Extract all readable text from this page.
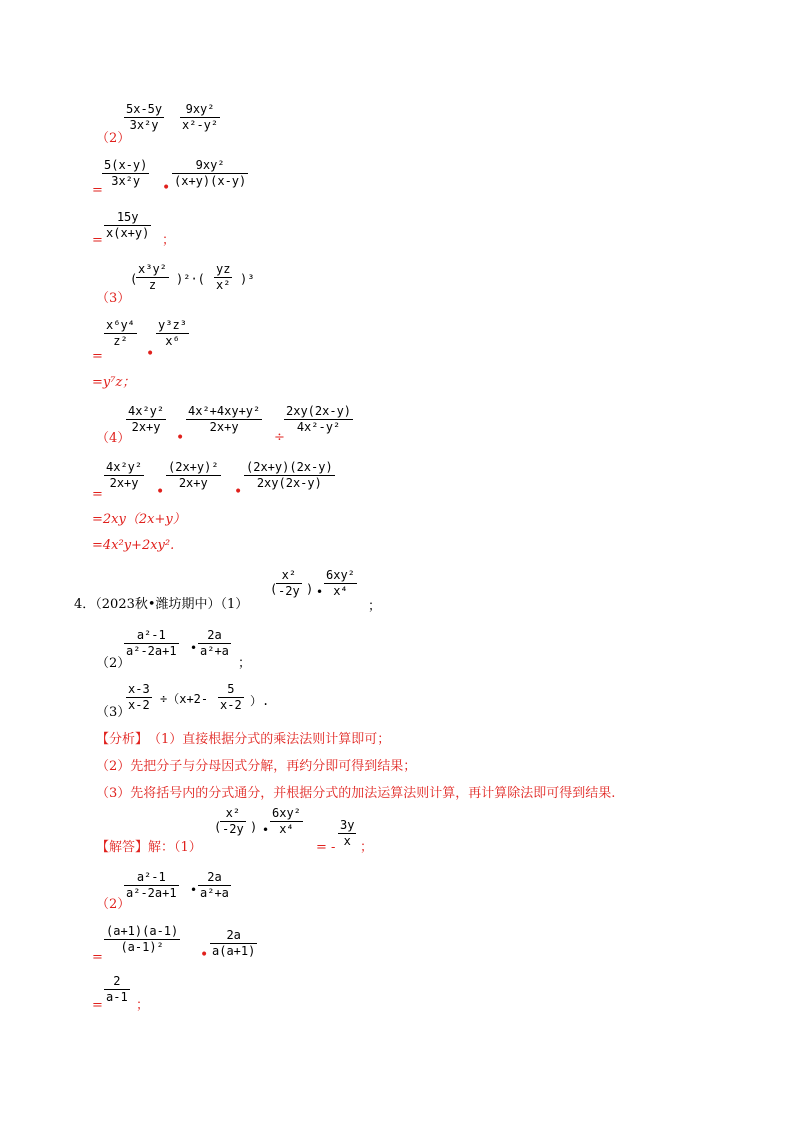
（2）
$\frac{5x-5y}{\text{3x²y}} \frac{\text{9xy²}}{\text{x²-y²}}$
=
$\frac{5(x-y)}{\text{3x²y}}$ • $\frac{\text{9xy²}}{(x+y)(x-y)}$
= $\frac{15y}{x(x+y)}$ ；
（3）
(
$\frac{\text{x³y²}}{z} )^2\cdot( \frac{yz}{\text{x²}} )^3$
=
$\frac{\text{x⁶y⁴}}{\text{z²}}$
•
$\frac{\text{y³z³}}{\text{x⁶}}$
=y⁷z；
（4）
$\frac{\text{4x²y²}}{2x+y}$
•
$\frac{\text{4x²+4xy+y²}}{2x+y}$
÷
$\frac{2xy(2x-y)}{\text{4x²-y²}}$
=
$\frac{\text{4x²y²}}{2x+y}$
•
$\frac{\text{(2x+y)²}}{2x+y}$
•
$\frac{(2x+y)(2x-y)}{2xy(2x-y)}$
=2xy（2x+y）
=4x²y+2xy².
4．（2023秋•潍坊期中）（1）
(
$\frac{\text{x²}}{-2y}$ ) • $\frac{\text{6xy²}}{\text{x⁴}}$
；
（2）
$\frac{\text{a²-1}}{\text{a²-2a+1}}$ • $\frac{2a}{\text{a²+a}}$
；
（3）
$\frac{x-3}{x-2} \div(x+2- \frac{5}{x-2}$ ）.
【分析】 （1）直接根据分式的乘法法则计算即可；
（2）先把分子与分母因式分解，再约分即可得到结果；
（3）先将括号内的分式通分，并根据分式的加法运算法则计算，再计算除法即可得到结果.
【解答】 解：（1）
(
$\frac{\text{x²}}{-2y}$ ) • $\frac{\text{6xy²}}{\text{x⁴}}$
= - $\frac{3y}{x}$ ；
（2）
$\frac{\text{a²-1}}{\text{a²-2a+1}}$ • $\frac{2a}{\text{a²+a}}$
=
$\frac{(a+1)(a-1)}{\text{(a-1)²}}$ • $\frac{2a}{a(a+1)}$
=
$\frac{2}{a-1}$
；
